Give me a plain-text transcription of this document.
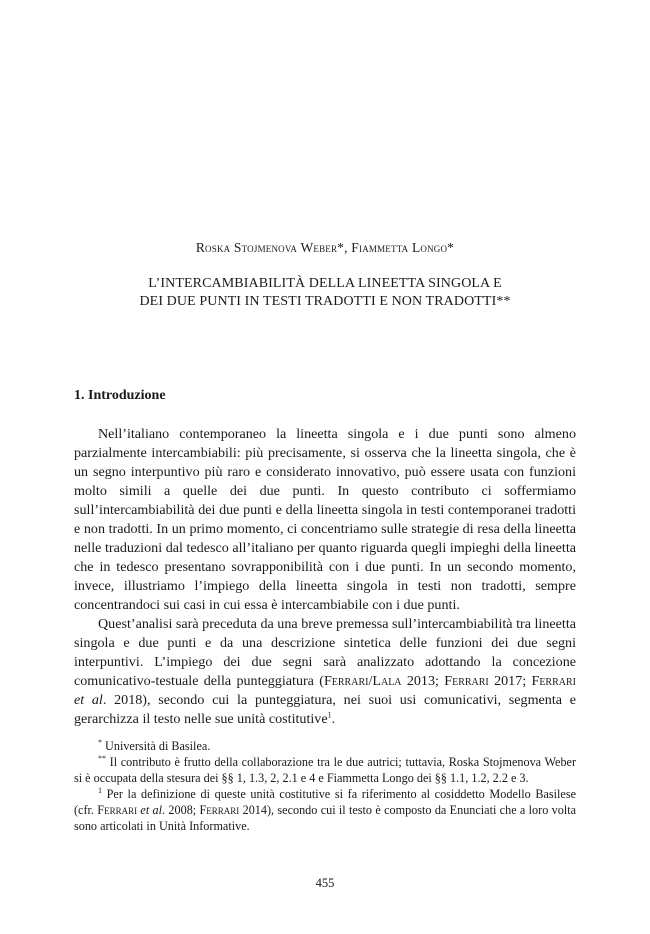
Roska Stojmenova Weber*, Fiammetta Longo*
L’INTERCAMBIABILITÀ DELLA LINEETTA SINGOLA E
DEI DUE PUNTI IN TESTI TRADOTTI E NON TRADOTTI**
1. Introduzione

Nell’italiano contemporaneo la lineetta singola e i due punti sono almeno parzialmente intercambiabili: più precisamente, si osserva che la lineetta singola, che è un segno interpuntivo più raro e considerato innovativo, può essere usata con funzioni molto simili a quelle dei due punti. In questo contributo ci soffermiamo sull’intercambiabilità dei due punti e della lineetta singola in testi contemporanei tradotti e non tradotti. In un primo momento, ci concentriamo sulle strategie di resa della lineetta nelle traduzioni dal tedesco all’italiano per quanto riguarda quegli impieghi della lineetta che in tedesco presentano sovrapponibilità con i due punti. In un secondo momento, invece, illustriamo l’impiego della lineetta singola in testi non tradotti, sempre concentrandoci sui casi in cui essa è intercambiabile con i due punti.

Quest’analisi sarà preceduta da una breve premessa sull’intercambiabilità tra lineetta singola e due punti e da una descrizione sintetica delle funzioni dei due segni interpuntivi. L’impiego dei due segni sarà analizzato adottando la concezione comunicativo-testuale della punteggiatura (Ferrari/Lala 2013; Ferrari 2017; Ferrari et al. 2018), secondo cui la punteggiatura, nei suoi usi comunicativi, segmenta e gerarchizza il testo nelle sue unità costitutive$^1$.

* Università di Basilea.

** Il contributo è frutto della collaborazione tra le due autrici; tuttavia, Roska Stojmenova Weber si è occupata della stesura dei §§ 1, 1.3, 2, 2.1 e 4 e Fiammetta Longo dei §§ 1.1, 1.2, 2.2 e 3.

$^1$ Per la definizione di queste unità costitutive si fa riferimento al cosiddetto Modello Basilese (cfr. Ferrari et al. 2008; Ferrari 2014), secondo cui il testo è composto da Enunciati che a loro volta sono articolati in Unità Informative.

455
